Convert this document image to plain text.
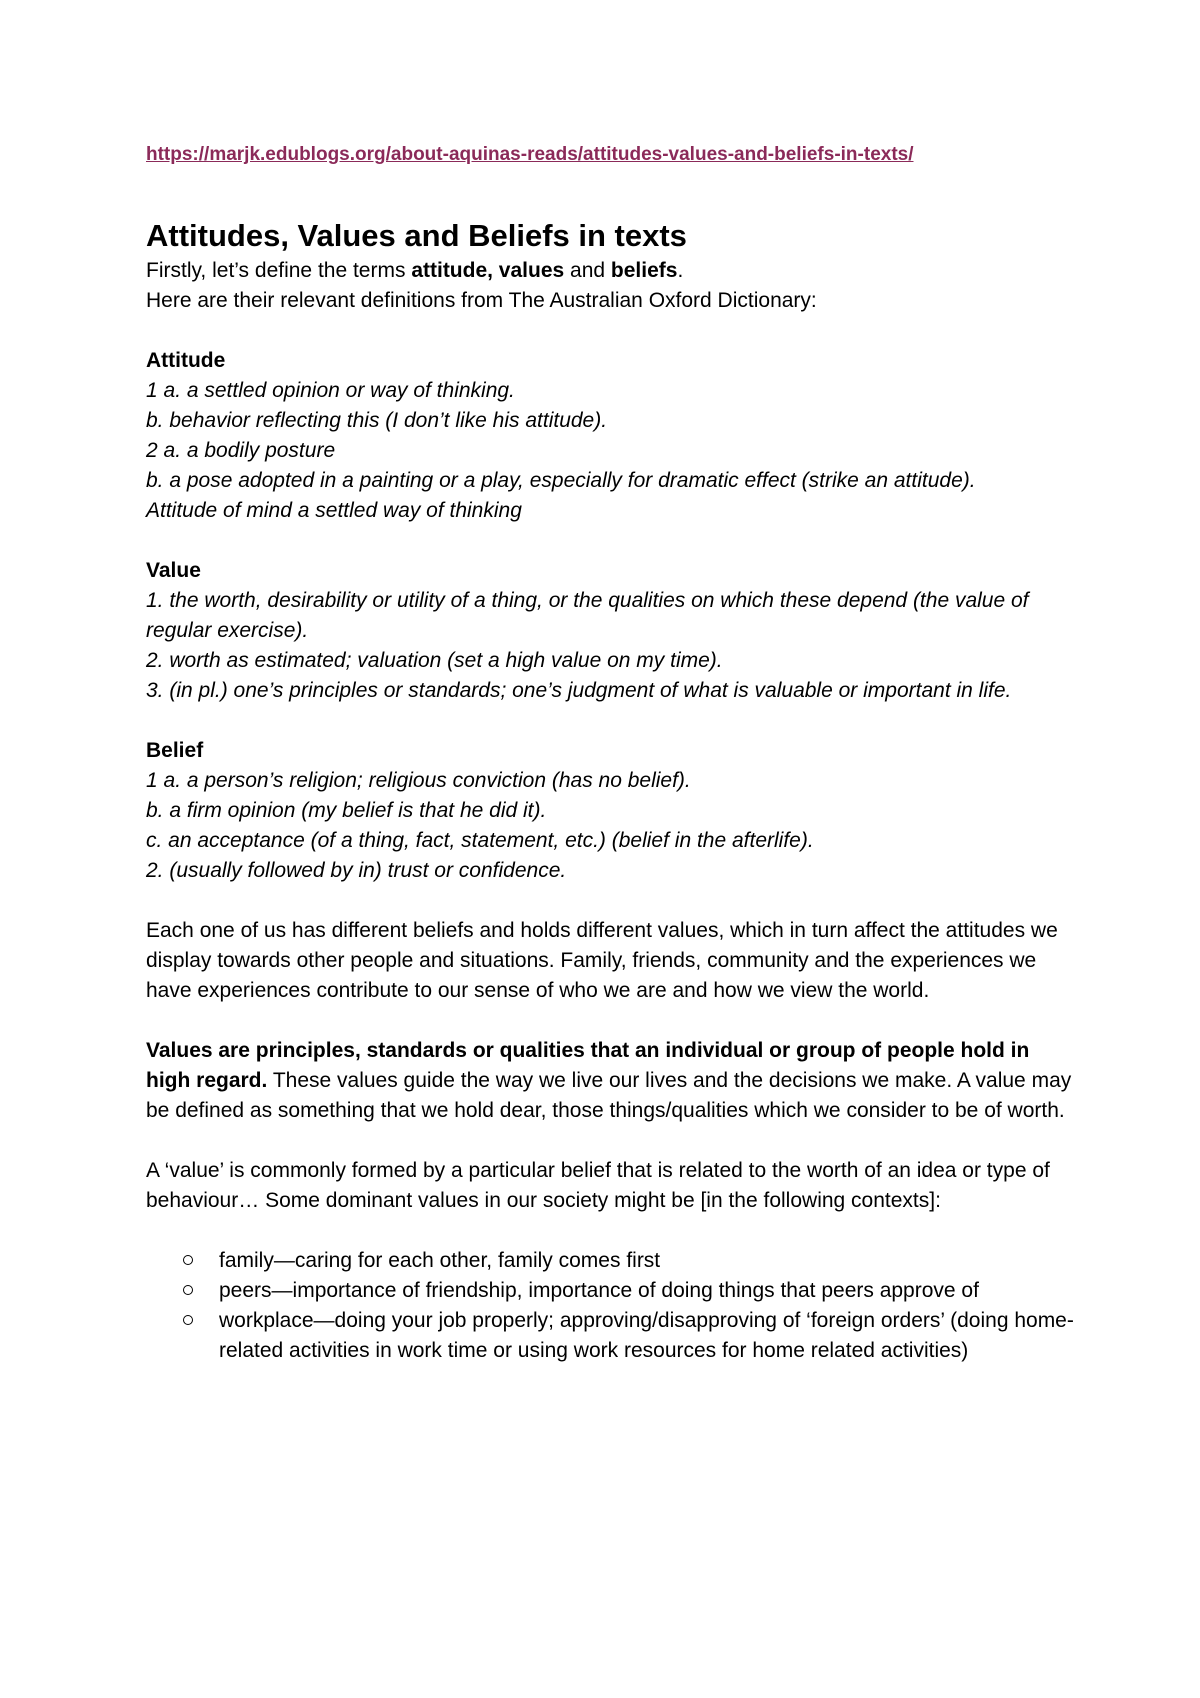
https://marjk.edublogs.org/about-aquinas-reads/attitudes-values-and-beliefs-in-texts/
Attitudes, Values and Beliefs in texts

Firstly, let’s define the terms attitude, values and beliefs.

Here are their relevant definitions from The Australian Oxford Dictionary:

Attitude

1 a. a settled opinion or way of thinking.

b. behavior reflecting this (I don’t like his attitude).

2 a. a bodily posture

b. a pose adopted in a painting or a play, especially for dramatic effect (strike an attitude).

Attitude of mind a settled way of thinking

Value

1. the worth, desirability or utility of a thing, or the qualities on which these depend (the value of regular exercise).

2. worth as estimated; valuation (set a high value on my time).

3. (in pl.) one’s principles or standards; one’s judgment of what is valuable or important in life.

Belief

1 a. a person’s religion; religious conviction (has no belief).

b. a firm opinion (my belief is that he did it).

c. an acceptance (of a thing, fact, statement, etc.) (belief in the afterlife).

2. (usually followed by in) trust or confidence.

Each one of us has different beliefs and holds different values, which in turn affect the attitudes we display towards other people and situations. Family, friends, community and the experiences we have experiences contribute to our sense of who we are and how we view the world.

Values are principles, standards or qualities that an individual or group of people hold in high regard. These values guide the way we live our lives and the decisions we make. A value may be defined as something that we hold dear, those things/qualities which we consider to be of worth.

A ‘value’ is commonly formed by a particular belief that is related to the worth of an idea or type of behaviour… Some dominant values in our society might be [in the following contexts]:

family—caring for each other, family comes first
peers—importance of friendship, importance of doing things that peers approve of
workplace—doing your job properly; approving/disapproving of ‘foreign orders’ (doing home-related activities in work time or using work resources for home related activities)
